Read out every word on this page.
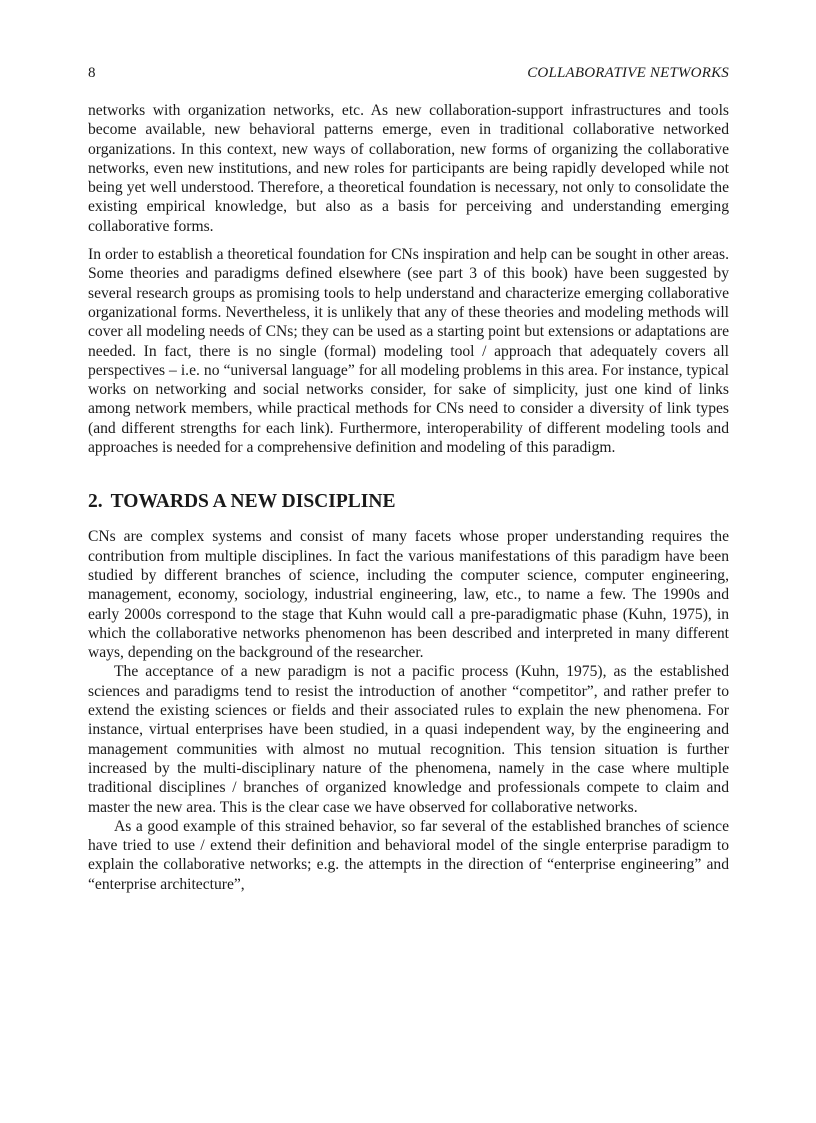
8	COLLABORATIVE NETWORKS

networks with organization networks, etc. As new collaboration-support infrastructures and tools become available, new behavioral patterns emerge, even in traditional collaborative networked organizations. In this context, new ways of collaboration, new forms of organizing the collaborative networks, even new institutions, and new roles for participants are being rapidly developed while not being yet well understood. Therefore, a theoretical foundation is necessary, not only to consolidate the existing empirical knowledge, but also as a basis for perceiving and understanding emerging collaborative forms.

In order to establish a theoretical foundation for CNs inspiration and help can be sought in other areas. Some theories and paradigms defined elsewhere (see part 3 of this book) have been suggested by several research groups as promising tools to help understand and characterize emerging collaborative organizational forms. Nevertheless, it is unlikely that any of these theories and modeling methods will cover all modeling needs of CNs; they can be used as a starting point but extensions or adaptations are needed. In fact, there is no single (formal) modeling tool / approach that adequately covers all perspectives – i.e. no “universal language” for all modeling problems in this area. For instance, typical works on networking and social networks consider, for sake of simplicity, just one kind of links among network members, while practical methods for CNs need to consider a diversity of link types (and different strengths for each link). Furthermore, interoperability of different modeling tools and approaches is needed for a comprehensive definition and modeling of this paradigm.

2. TOWARDS A NEW DISCIPLINE

CNs are complex systems and consist of many facets whose proper understanding requires the contribution from multiple disciplines. In fact the various manifestations of this paradigm have been studied by different branches of science, including the computer science, computer engineering, management, economy, sociology, industrial engineering, law, etc., to name a few. The 1990s and early 2000s correspond to the stage that Kuhn would call a pre-paradigmatic phase (Kuhn, 1975), in which the collaborative networks phenomenon has been described and interpreted in many different ways, depending on the background of the researcher.

The acceptance of a new paradigm is not a pacific process (Kuhn, 1975), as the established sciences and paradigms tend to resist the introduction of another “competitor”, and rather prefer to extend the existing sciences or fields and their associated rules to explain the new phenomena. For instance, virtual enterprises have been studied, in a quasi independent way, by the engineering and management communities with almost no mutual recognition. This tension situation is further increased by the multi-disciplinary nature of the phenomena, namely in the case where multiple traditional disciplines / branches of organized knowledge and professionals compete to claim and master the new area. This is the clear case we have observed for collaborative networks.

As a good example of this strained behavior, so far several of the established branches of science have tried to use / extend their definition and behavioral model of the single enterprise paradigm to explain the collaborative networks; e.g. the attempts in the direction of “enterprise engineering” and “enterprise architecture”,
